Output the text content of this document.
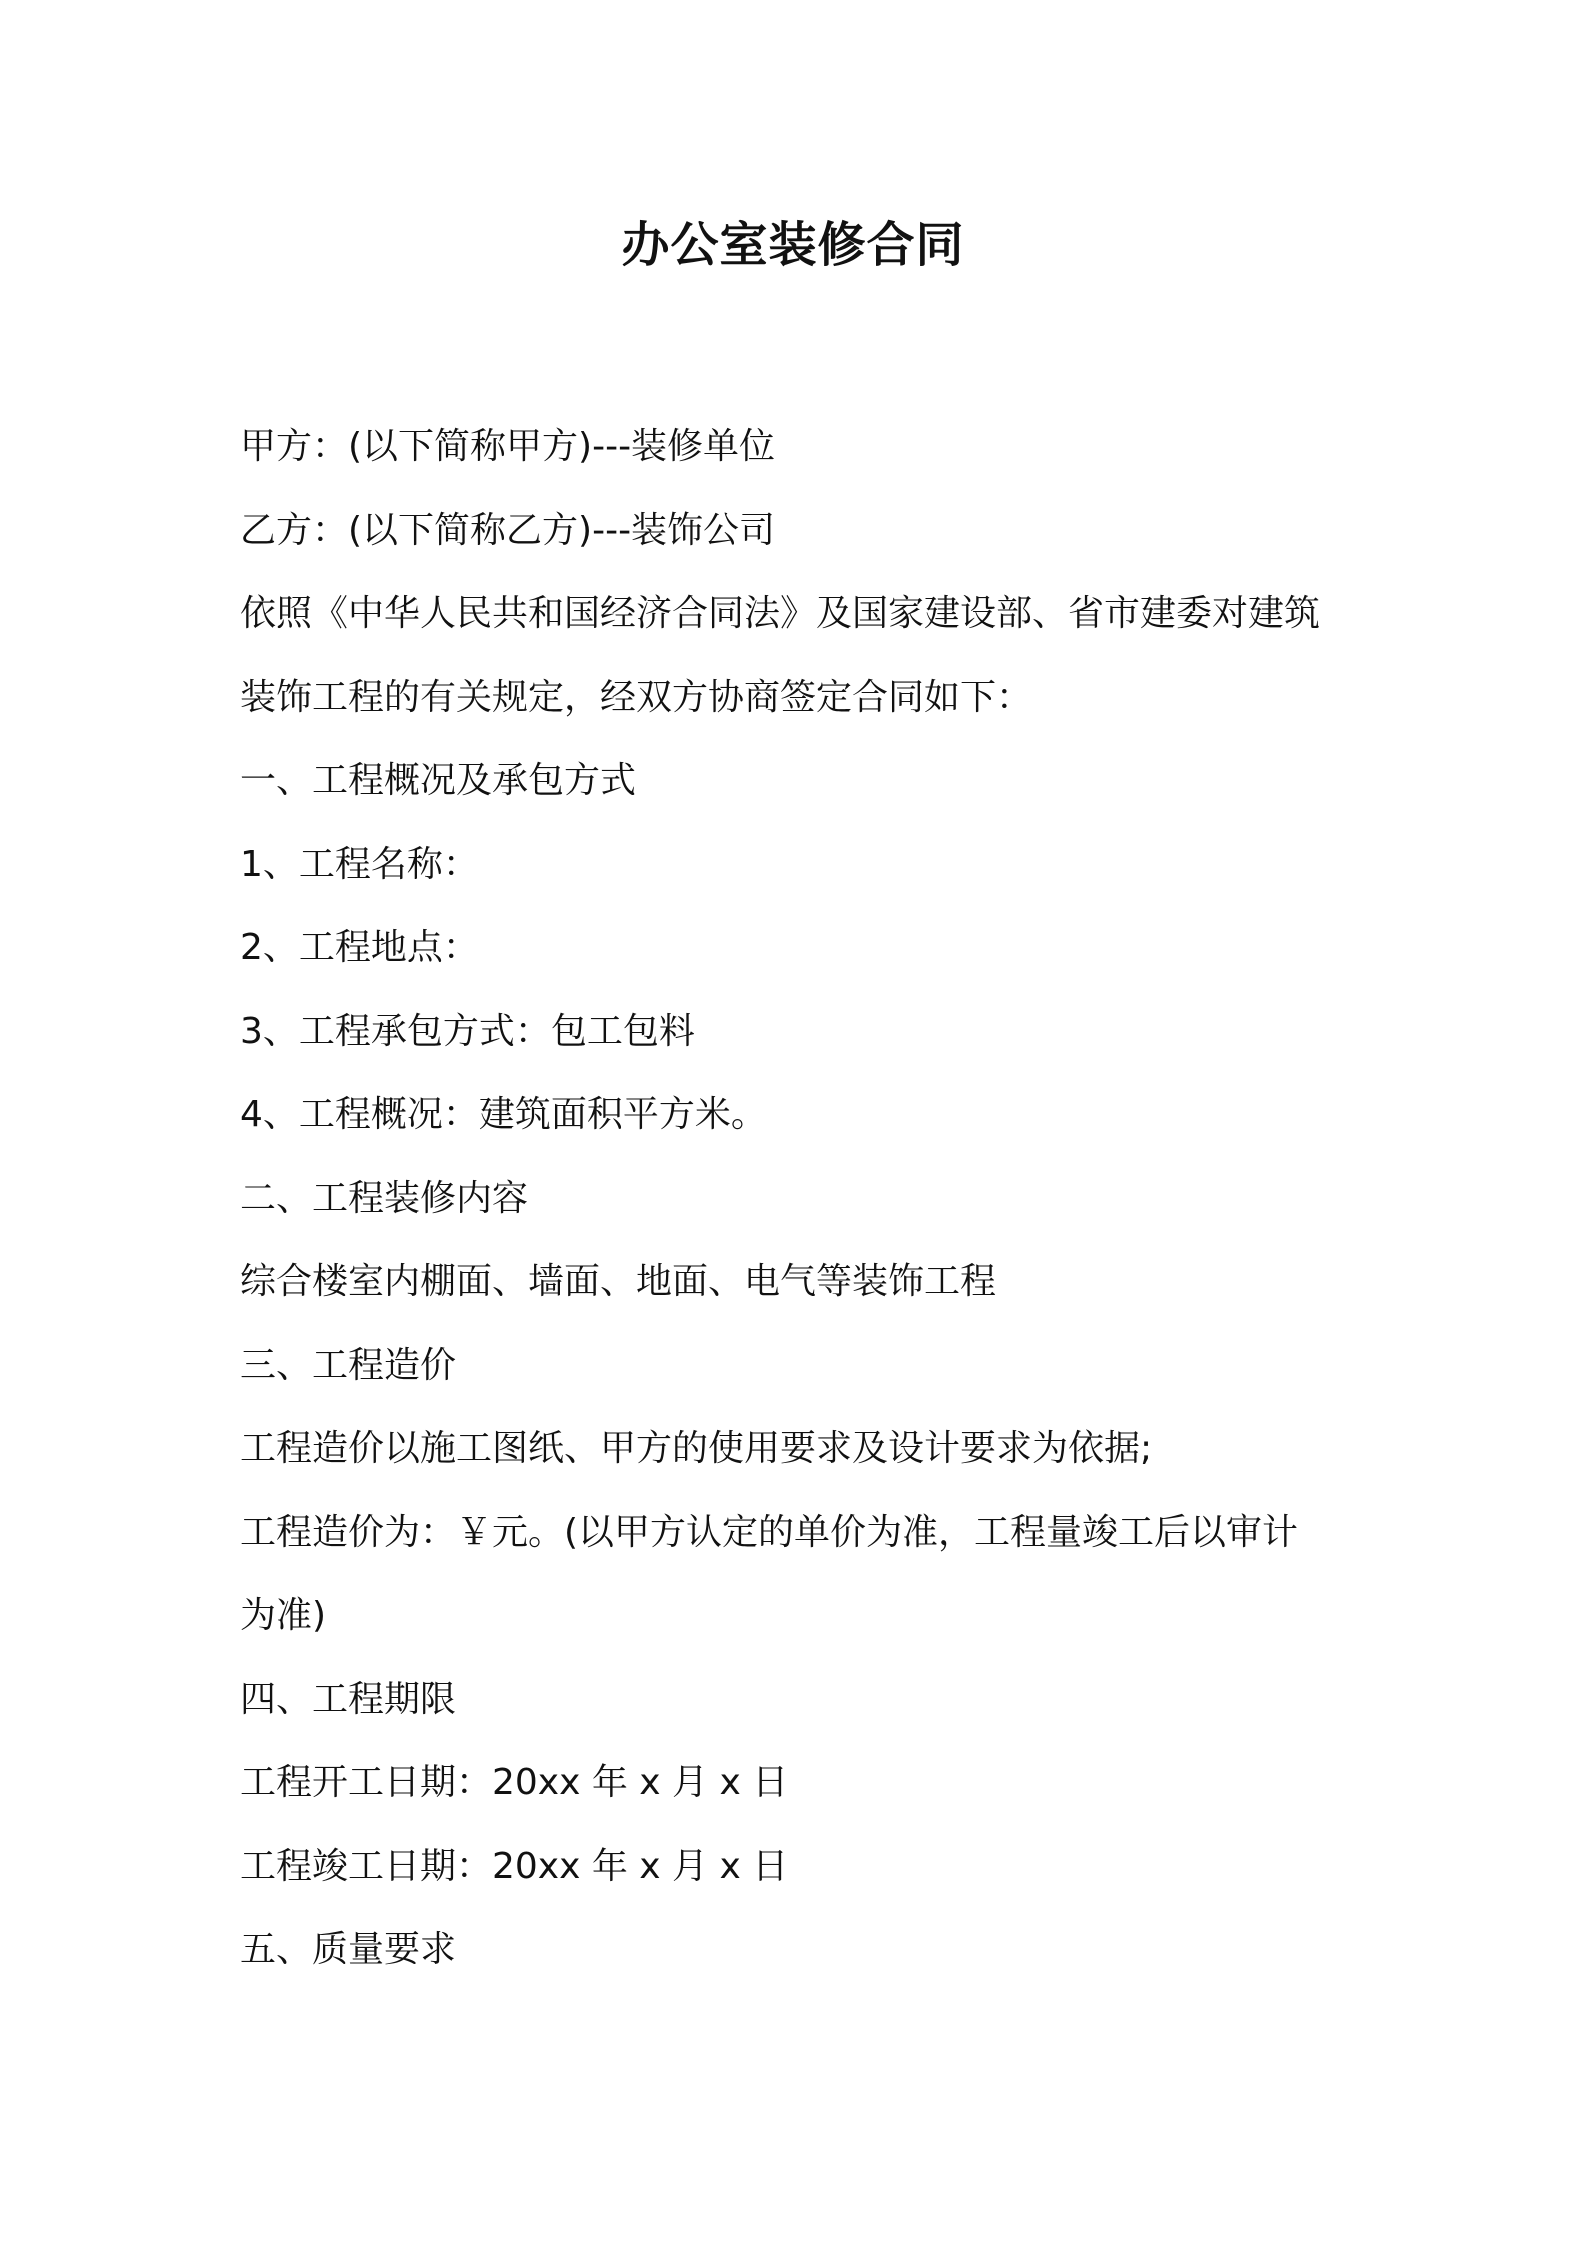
办公室装修合同

甲方：(以下简称甲方)---装修单位

乙方：(以下简称乙方)---装饰公司

依照《中华人民共和国经济合同法》及国家建设部、省市建委对建筑

装饰工程的有关规定，经双方协商签定合同如下：

一、工程概况及承包方式

1、工程名称：

2、工程地点：

3、工程承包方式：包工包料

4、工程概况：建筑面积平方米。

二、工程装修内容

综合楼室内棚面、墙面、地面、电气等装饰工程

三、工程造价

工程造价以施工图纸、甲方的使用要求及设计要求为依据;

工程造价为：￥元。(以甲方认定的单价为准，工程量竣工后以审计

为准)

四、工程期限

工程开工日期：20xx 年 x 月 x 日

工程竣工日期：20xx 年 x 月 x 日

五、质量要求
